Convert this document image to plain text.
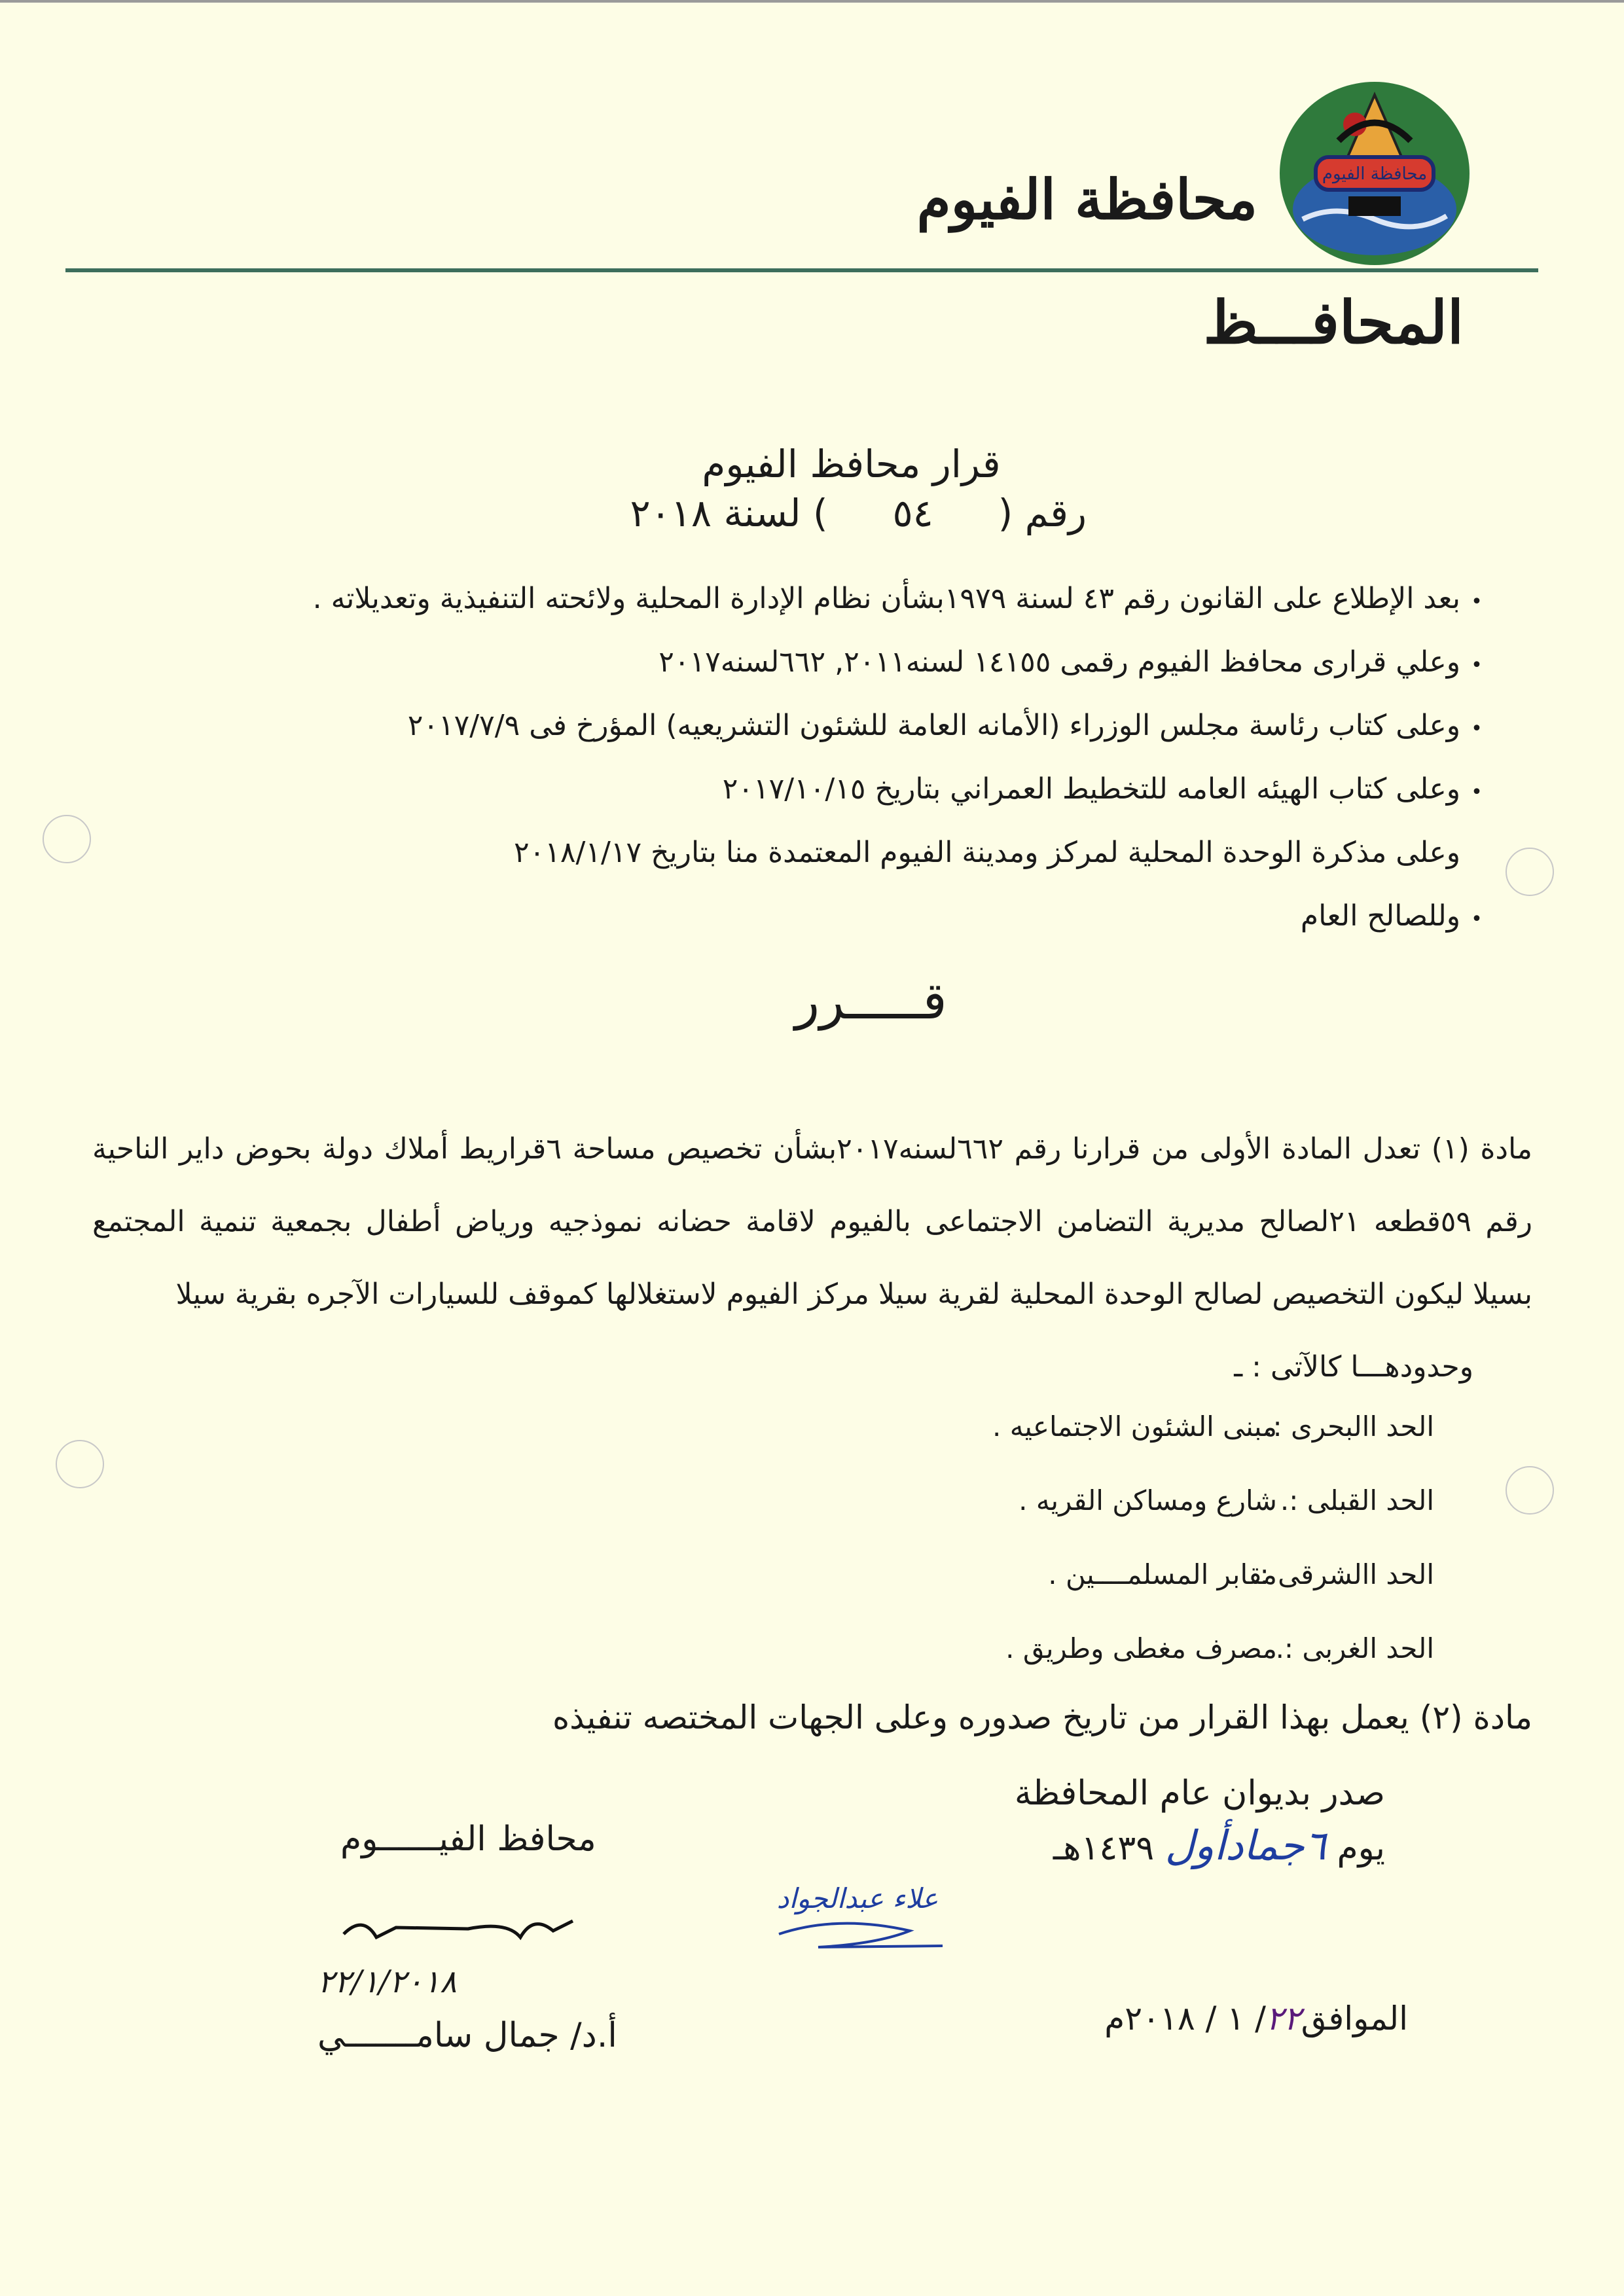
محافظة الفيوم
محافظة الفيوم
المحافـــظ
قرار محافظ الفيوم
رقم (٥٤) لسنة ٢٠١٨
•بعد الإطلاع على القانون رقم ٤٣ لسنة ١٩٧٩بشأن نظام الإدارة المحلية ولائحته التنفيذية وتعديلاته .
•وعلي قرارى محافظ الفيوم رقمى ١٤١٥٥ لسنه٢٠١١, ٦٦٢لسنه٢٠١٧
•وعلى كتاب رئاسة مجلس الوزراء (الأمانه العامة للشئون التشريعيه) المؤرخ فى ٢٠١٧/٧/٩
•وعلى كتاب الهيئه العامه للتخطيط العمراني بتاريخ ٢٠١٧/١٠/١٥
وعلى مذكرة الوحدة المحلية لمركز ومدينة الفيوم المعتمدة منا بتاريخ ٢٠١٨/١/١٧
•وللصالح العام
قـــــرر
مادة (١) تعدل المادة الأولى من قرارنا رقم ٦٦٢لسنه٢٠١٧بشأن تخصيص مساحة ٦قراريط أملاك دولة بحوض داير الناحية رقم ٥٩قطعه ٢١لصالح مديرية التضامن الاجتماعى بالفيوم لاقامة حضانه نموذجيه ورياض أطفال بجمعية تنمية المجتمع بسيلا ليكون التخصيص لصالح الوحدة المحلية لقرية سيلا مركز الفيوم لاستغلالها كموقف للسيارات الآجره بقرية سيلا
وحدودهـــا كالآتى : ـ
الحد االبحرى :.مبنى الشئون الاجتماعيه .
الحد القبلى :.شارع ومساكن القريه .
الحد االشرقى :.مقابر المسلمــــين .
الحد الغربى :.مصرف مغطى وطريق .
مادة (٢) يعمل بهذا القرار من تاريخ صدوره وعلى الجهات المختصه تنفيذه
صدر بديوان عام المحافظة
يوم ٦جمادأول ١٤٣٩هـ
الموافق٢٢/ ١ / ٢٠١٨م
محافظ الفيــــــوم
٢٢/١/٢٠١٨
أ.د/ جمال سامـــــــي
علاء عبدالجواد
